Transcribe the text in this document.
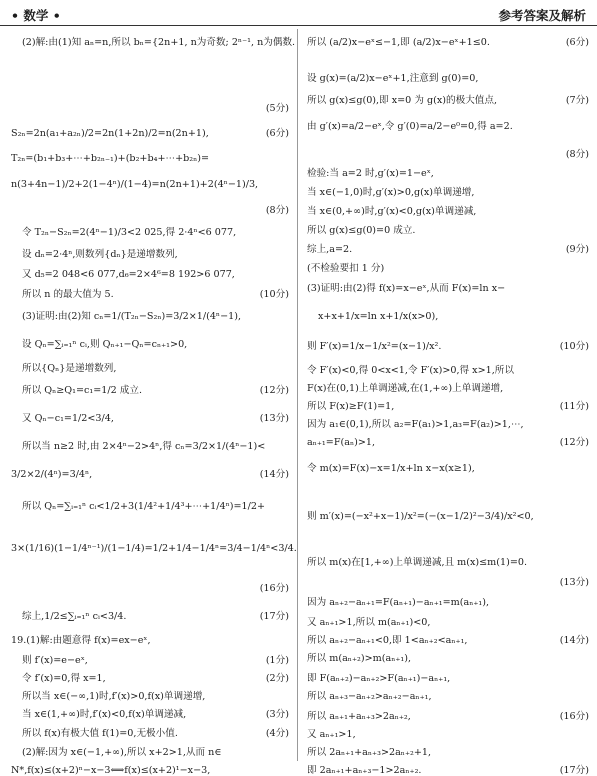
• 数学 •	参考答案及解析
(2)解:由(1)知 aₙ=n,所以 bₙ={2n+1, n为奇数; 2ⁿ⁻¹, n为偶数.
(5分)
S₂ₙ=2n(a₁+a₂ₙ)/2=2n(1+2n)/2=n(2n+1),	(6分)
T₂ₙ=(b₁+b₃+⋯+b₂ₙ₋₁)+(b₂+b₄+⋯+b₂ₙ)=
n(3+4n−1)/2+2(1−4ⁿ)/(1−4)=n(2n+1)+2(4ⁿ−1)/3,
(8分)
令 T₂ₙ−S₂ₙ=2(4ⁿ−1)/3<2 025,得 2·4ⁿ<6 077,
设 dₙ=2·4ⁿ,则数列{dₙ}是递增数列,
又 d₅=2 048<6 077,d₆=2×4⁶=8 192>6 077,
所以 n 的最大值为 5.	(10分)
(3)证明:由(2)知 cₙ=1/(T₂ₙ−S₂ₙ)=3/2×1/(4ⁿ−1),
设 Qₙ=∑ᵢ₌₁ⁿ cᵢ,则 Qₙ₊₁−Qₙ=cₙ₊₁>0,
所以{Qₙ}是递增数列,
所以 Qₙ≥Q₁=c₁=1/2 成立.	(12分)
又 Qₙ−c₁=1/2<3/4,	(13分)
所以当 n≥2 时,由 2×4ⁿ−2>4ⁿ,得 cₙ=3/2×1/(4ⁿ−1)<
3/2×2/(4ⁿ)=3/4ⁿ,	(14分)
所以 Qₙ=∑ᵢ₌₁ⁿ cᵢ<1/2+3(1/4²+1/4³+⋯+1/4ⁿ)=1/2+
3×(1/16)(1−1/4ⁿ⁻¹)/(1−1/4)=1/2+1/4−1/4ⁿ=3/4−1/4ⁿ<3/4.
(16分)
综上,1/2≤∑ᵢ₌₁ⁿ cᵢ<3/4.	(17分)
19.(1)解:由题意得 f(x)=ex−eˣ,
则 f′(x)=e−eˣ,	(1分)
令 f′(x)=0,得 x=1,	(2分)
所以当 x∈(−∞,1)时,f′(x)>0,f(x)单调递增,
当 x∈(1,+∞)时,f′(x)<0,f(x)单调递减,	(3分)
所以 f(x)有极大值 f(1)=0,无极小值.	(4分)
(2)解:因为 x∈(−1,+∞),所以 x+2>1,从而 n∈
N*,f(x)≤(x+2)ⁿ−x−3⟺f(x)≤(x+2)¹−x−3,
所以 (a/2)x−eˣ≤−1,即 (a/2)x−eˣ+1≤0.	(6分)
设 g(x)=(a/2)x−eˣ+1,注意到 g(0)=0,
所以 g(x)≤g(0),即 x=0 为 g(x)的极大值点,	(7分)
由 g′(x)=a/2−eˣ,令 g′(0)=a/2−e⁰=0,得 a=2.
(8分)
检验:当 a=2 时,g′(x)=1−eˣ,
当 x∈(−1,0)时,g′(x)>0,g(x)单调递增,
当 x∈(0,+∞)时,g′(x)<0,g(x)单调递减,
所以 g(x)≤g(0)=0 成立.
综上,a=2.	(9分)
(不检验要扣 1 分)
(3)证明:由(2)得 f(x)=x−eˣ,从而 F(x)=ln x−
x+x+1/x=ln x+1/x(x>0),
则 F′(x)=1/x−1/x²=(x−1)/x².	(10分)
令 F′(x)<0,得 0<x<1,令 F′(x)>0,得 x>1,所以
F(x)在(0,1)上单调递减,在(1,+∞)上单调递增,
所以 F(x)≥F(1)=1,	(11分)
因为 a₁∈(0,1),所以 a₂=F(a₁)>1,a₃=F(a₂)>1,⋯,
aₙ₊₁=F(aₙ)>1,	(12分)
令 m(x)=F(x)−x=1/x+ln x−x(x≥1),
则 m′(x)=(−x²+x−1)/x²=(−(x−1/2)²−3/4)/x²<0,
所以 m(x)在[1,+∞)上单调递减,且 m(x)≤m(1)=0.
(13分)
因为 aₙ₊₂−aₙ₊₁=F(aₙ₊₁)−aₙ₊₁=m(aₙ₊₁),
又 aₙ₊₁>1,所以 m(aₙ₊₁)<0,
所以 aₙ₊₂−aₙ₊₁<0,即 1<aₙ₊₂<aₙ₊₁,	(14分)
所以 m(aₙ₊₂)>m(aₙ₊₁),
即 F(aₙ₊₂)−aₙ₊₂>F(aₙ₊₁)−aₙ₊₁,
所以 aₙ₊₃−aₙ₊₂>aₙ₊₂−aₙ₊₁,
所以 aₙ₊₁+aₙ₊₃>2aₙ₊₂,	(16分)
又 aₙ₊₁>1,
所以 2aₙ₊₁+aₙ₊₃>2aₙ₊₂+1,
即 2aₙ₊₁+aₙ₊₃−1>2aₙ₊₂.	(17分)
